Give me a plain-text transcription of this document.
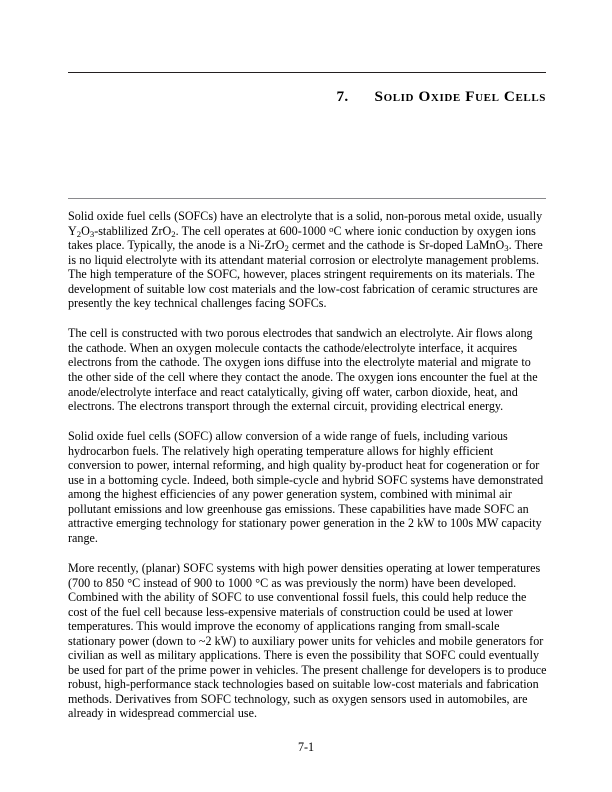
7. Solid Oxide Fuel Cells

Solid oxide fuel cells (SOFCs) have an electrolyte that is a solid, non-porous metal oxide, usually $Y_2O_3$-stablilized ZrO$_2$. The cell operates at 600-1000 $^o$C where ionic conduction by oxygen ions takes place. Typically, the anode is a Ni-ZrO$_2$ cermet and the cathode is Sr-doped LaMnO$_3$. There is no liquid electrolyte with its attendant material corrosion or electrolyte management problems. The high temperature of the SOFC, however, places stringent requirements on its materials. The development of suitable low cost materials and the low-cost fabrication of ceramic structures are presently the key technical challenges facing SOFCs.

The cell is constructed with two porous electrodes that sandwich an electrolyte. Air flows along the cathode. When an oxygen molecule contacts the cathode/electrolyte interface, it acquires electrons from the cathode. The oxygen ions diffuse into the electrolyte material and migrate to the other side of the cell where they contact the anode. The oxygen ions encounter the fuel at the anode/electrolyte interface and react catalytically, giving off water, carbon dioxide, heat, and electrons. The electrons transport through the external circuit, providing electrical energy.

Solid oxide fuel cells (SOFC) allow conversion of a wide range of fuels, including various hydrocarbon fuels. The relatively high operating temperature allows for highly efficient conversion to power, internal reforming, and high quality by-product heat for cogeneration or for use in a bottoming cycle. Indeed, both simple-cycle and hybrid SOFC systems have demonstrated among the highest efficiencies of any power generation system, combined with minimal air pollutant emissions and low greenhouse gas emissions. These capabilities have made SOFC an attractive emerging technology for stationary power generation in the 2 kW to 100s MW capacity range.

More recently, (planar) SOFC systems with high power densities operating at lower temperatures (700 to 850 °C instead of 900 to 1000 °C as was previously the norm) have been developed. Combined with the ability of SOFC to use conventional fossil fuels, this could help reduce the cost of the fuel cell because less-expensive materials of construction could be used at lower temperatures. This would improve the economy of applications ranging from small-scale stationary power (down to ~2 kW) to auxiliary power units for vehicles and mobile generators for civilian as well as military applications. There is even the possibility that SOFC could eventually be used for part of the prime power in vehicles. The present challenge for developers is to produce robust, high-performance stack technologies based on suitable low-cost materials and fabrication methods. Derivatives from SOFC technology, such as oxygen sensors used in automobiles, are already in widespread commercial use.

7-1
